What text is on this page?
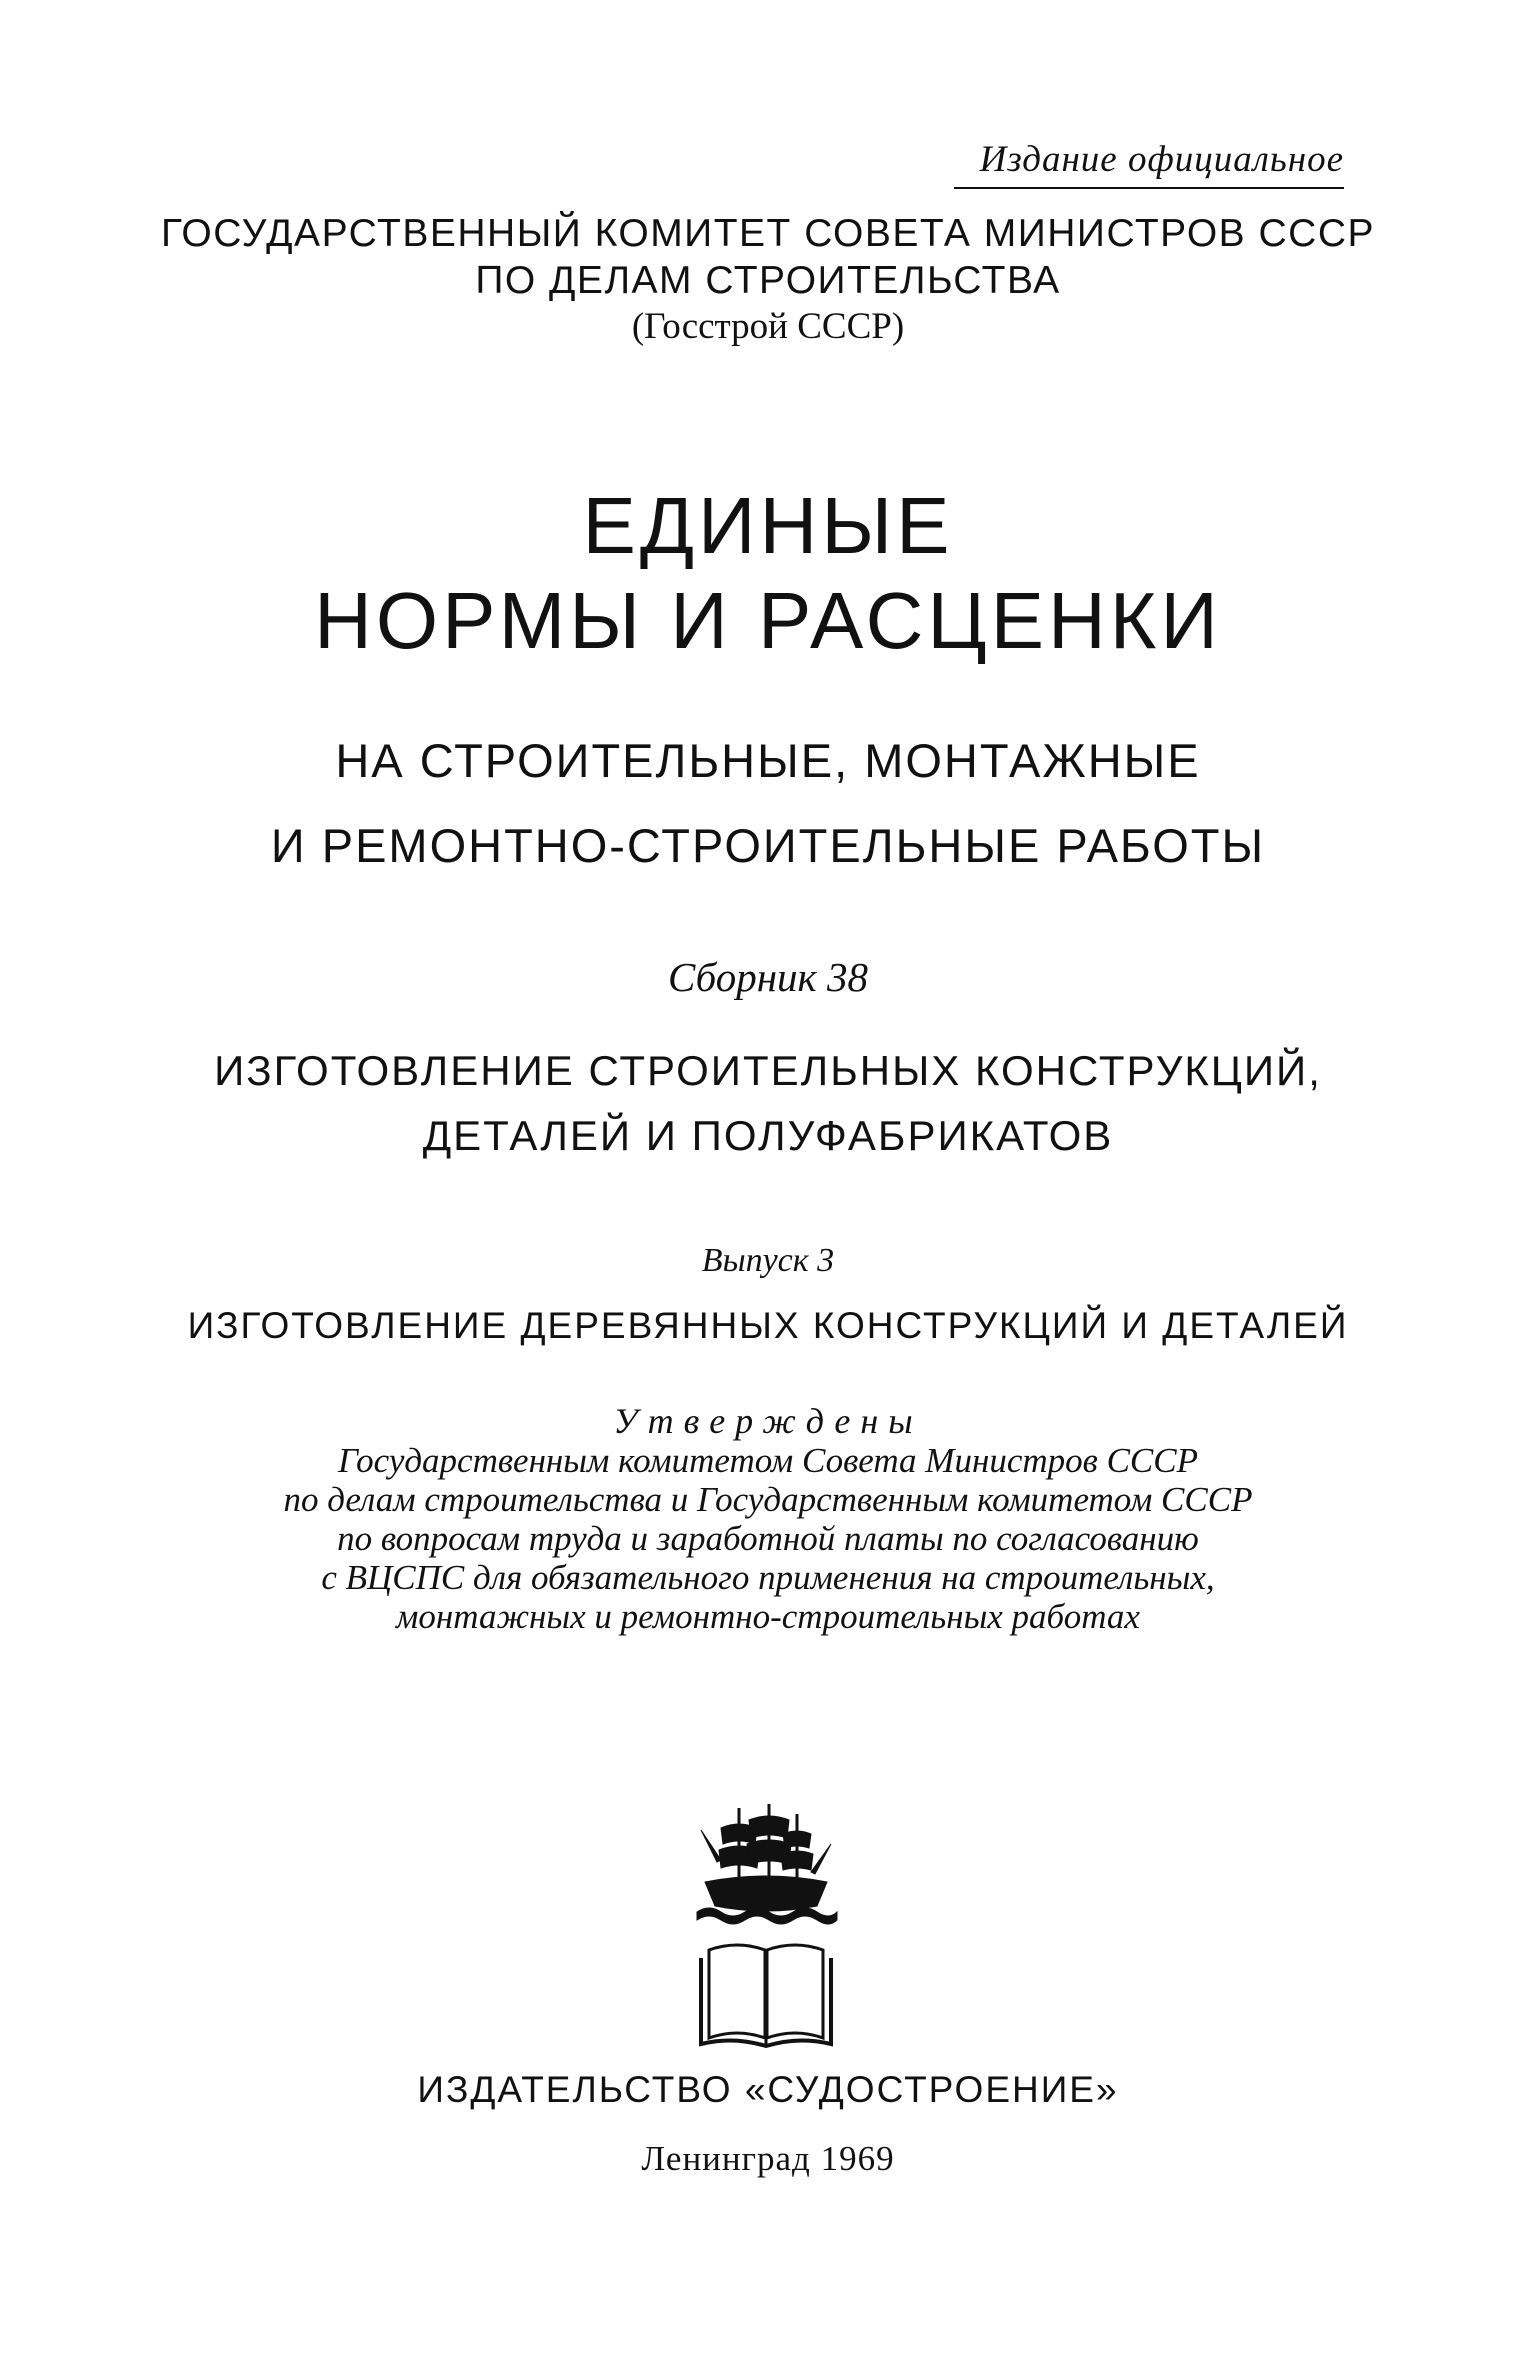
Издание официальное
ГОСУДАРСТВЕННЫЙ КОМИТЕТ СОВЕТА МИНИСТРОВ СССР
ПО ДЕЛАМ СТРОИТЕЛЬСТВА
(Госстрой СССР)
ЕДИНЫЕ
НОРМЫ И РАСЦЕНКИ
НА СТРОИТЕЛЬНЫЕ, МОНТАЖНЫЕ
И РЕМОНТНО-СТРОИТЕЛЬНЫЕ РАБОТЫ
Сборник 38
ИЗГОТОВЛЕНИЕ СТРОИТЕЛЬНЫХ КОНСТРУКЦИЙ,
ДЕТАЛЕЙ И ПОЛУФАБРИКАТОВ
Выпуск 3
ИЗГОТОВЛЕНИЕ ДЕРЕВЯННЫХ КОНСТРУКЦИЙ И ДЕТАЛЕЙ
Утверждены
Государственным комитетом Совета Министров СССР
по делам строительства и Государственным комитетом СССР
по вопросам труда и заработной платы по согласованию
с ВЦСПС для обязательного применения на строительных,
монтажных и ремонтно-строительных работах
ИЗДАТЕЛЬСТВО «СУДОСТРОЕНИЕ»
Ленинград 1969
